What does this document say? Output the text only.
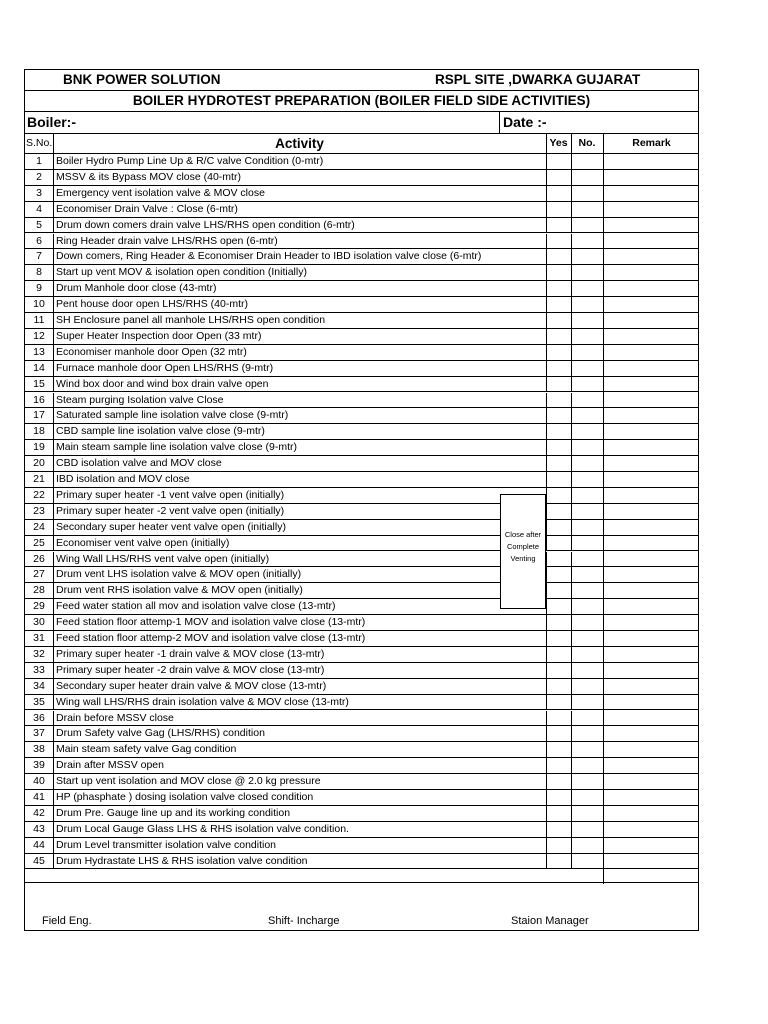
BNK POWER SOLUTION	RSPL SITE ,DWARKA GUJARAT
BOILER HYDROTEST PREPARATION (BOILER FIELD SIDE ACTIVITIES)
Boiler:-	Date :-
S.No.	Activity	Yes	No.	Remark
1	Boiler Hydro Pump Line Up & R/C valve Condition (0-mtr)
2	MSSV & its Bypass MOV close (40-mtr)
3	Emergency vent isolation valve & MOV close
4	Economiser Drain Valve : Close (6-mtr)
5	Drum down comers drain valve LHS/RHS open condition (6-mtr)
6	Ring Header drain valve LHS/RHS open (6-mtr)
7	Down comers, Ring Header & Economiser Drain Header to IBD isolation valve close (6-mtr)
8	Start up vent MOV & isolation open condition (Initially)
9	Drum Manhole door close (43-mtr)
10	Pent house door open LHS/RHS (40-mtr)
11	SH Enclosure panel all manhole LHS/RHS open condition
12	Super Heater Inspection door Open (33 mtr)
13	Economiser manhole door Open (32 mtr)
14	Furnace manhole door Open LHS/RHS (9-mtr)
15	Wind box door and wind box drain valve open
16	Steam purging Isolation valve Close
17	Saturated sample line isolation valve close (9-mtr)
18	CBD sample line isolation valve close (9-mtr)
19	Main steam sample line isolation valve close (9-mtr)
20	CBD isolation valve and MOV close
21	IBD isolation and MOV close
22	Primary super heater -1 vent valve open (initially)
23	Primary super heater -2 vent valve open (initially)
24	Secondary super heater vent valve open (initially)
25	Economiser vent valve open (initially)
26	Wing Wall LHS/RHS vent valve open (initially)
27	Drum vent LHS isolation valve & MOV open (initially)
28	Drum vent RHS isolation valve & MOV open (initially)
29	Feed water station all mov and isolation valve close (13-mtr)
30	Feed station floor attemp-1 MOV and isolation valve close (13-mtr)
31	Feed station floor attemp-2 MOV and isolation valve close (13-mtr)
32	Primary super heater -1 drain valve & MOV close (13-mtr)
33	Primary super heater -2 drain valve & MOV close (13-mtr)
34	Secondary super heater drain valve & MOV close (13-mtr)
35	Wing wall LHS/RHS drain isolation valve & MOV close (13-mtr)
36	Drain before MSSV close
37	Drum Safety valve Gag (LHS/RHS) condition
38	Main steam safety valve Gag condition
39	Drain after MSSV open
40	Start up vent isolation and MOV close @ 2.0 kg pressure
41	HP (phasphate ) dosing isolation valve closed condition
42	Drum Pre. Gauge line up and its working condition
43	Drum Local Gauge Glass LHS & RHS isolation valve condition.
44	Drum Level transmitter isolation valve condition
45	Drum Hydrastate LHS & RHS isolation valve condition
Close after
Complete
Venting
Field Eng.	Shift- Incharge	Staion Manager
